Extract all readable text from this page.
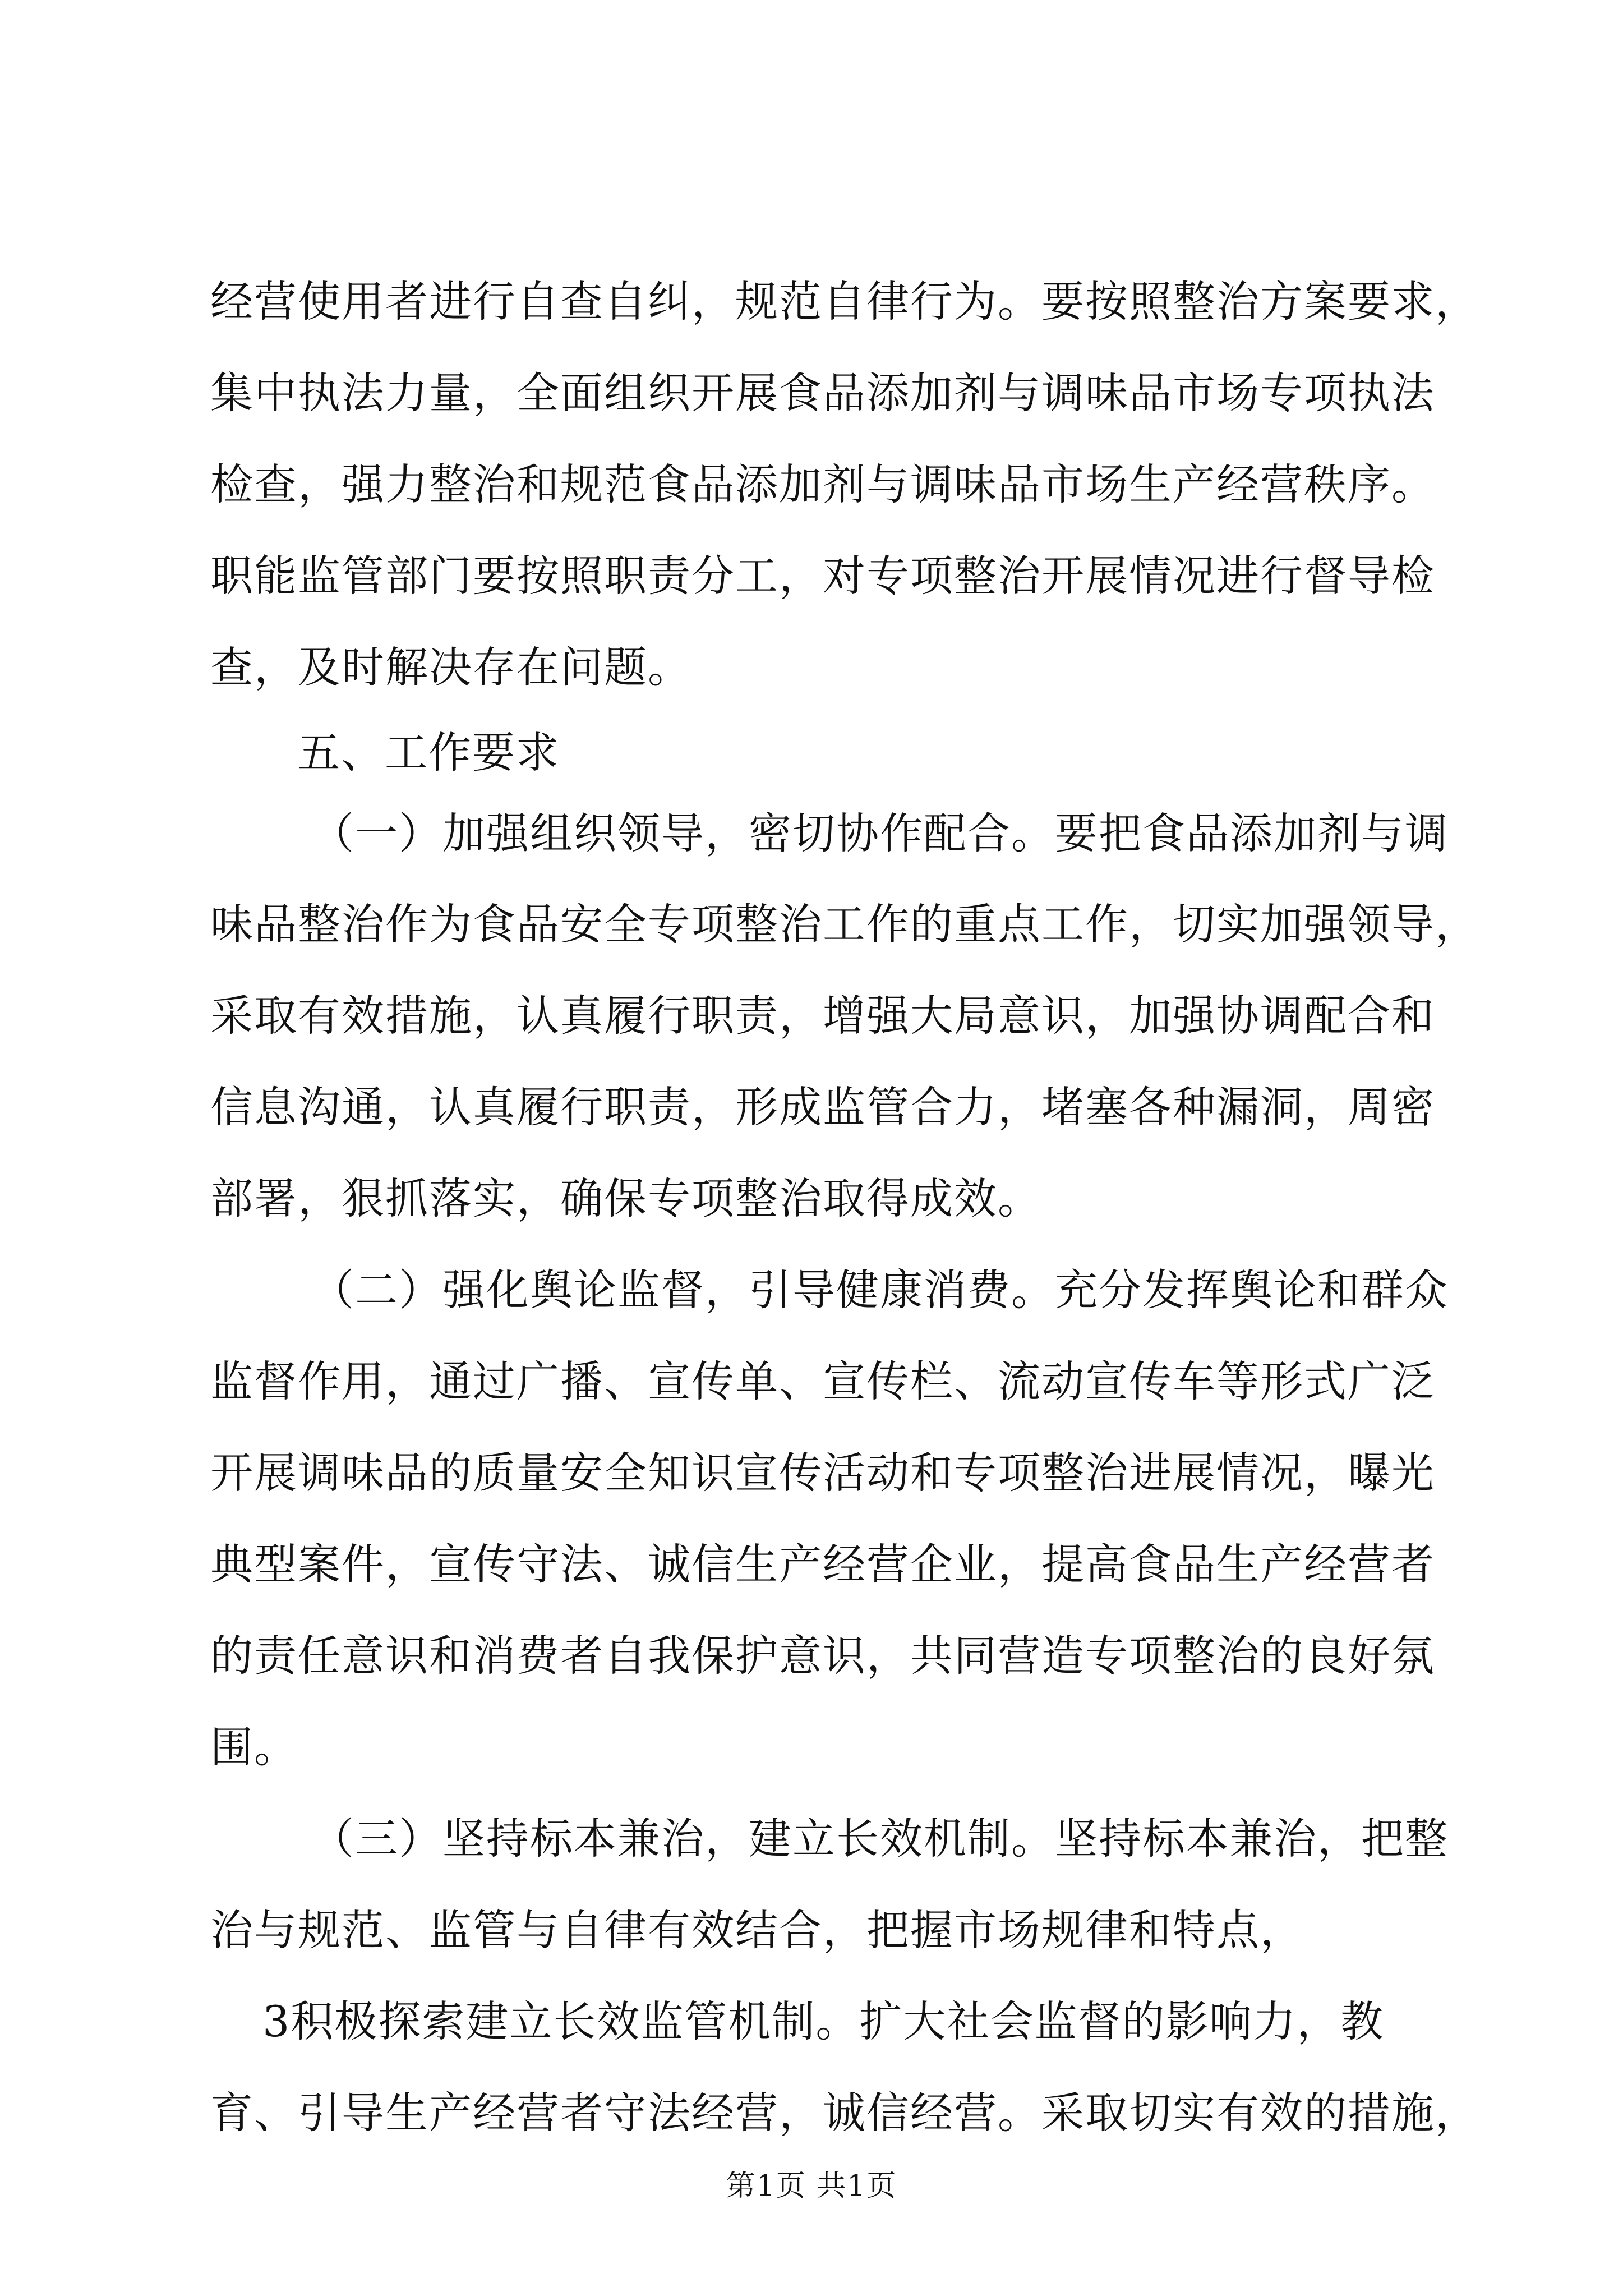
经营使用者进行自查自纠，规范自律行为。要按照整治方案要求，
集中执法力量，全面组织开展食品添加剂与调味品市场专项执法
检查，强力整治和规范食品添加剂与调味品市场生产经营秩序。
职能监管部门要按照职责分工，对专项整治开展情况进行督导检
查，及时解决存在问题。
五、工作要求
（一）加强组织领导，密切协作配合。要把食品添加剂与调
味品整治作为食品安全专项整治工作的重点工作，切实加强领导，
采取有效措施，认真履行职责，增强大局意识，加强协调配合和
信息沟通，认真履行职责，形成监管合力，堵塞各种漏洞，周密
部署，狠抓落实，确保专项整治取得成效。
（二）强化舆论监督，引导健康消费。充分发挥舆论和群众
监督作用，通过广播、宣传单、宣传栏、流动宣传车等形式广泛
开展调味品的质量安全知识宣传活动和专项整治进展情况，曝光
典型案件，宣传守法、诚信生产经营企业，提高食品生产经营者
的责任意识和消费者自我保护意识，共同营造专项整治的良好氛
围。
（三）坚持标本兼治，建立长效机制。坚持标本兼治，把整
治与规范、监管与自律有效结合，把握市场规律和特点，
3积极探索建立长效监管机制。扩大社会监督的影响力，教
育、引导生产经营者守法经营，诚信经营。采取切实有效的措施，
第1页 共1页
